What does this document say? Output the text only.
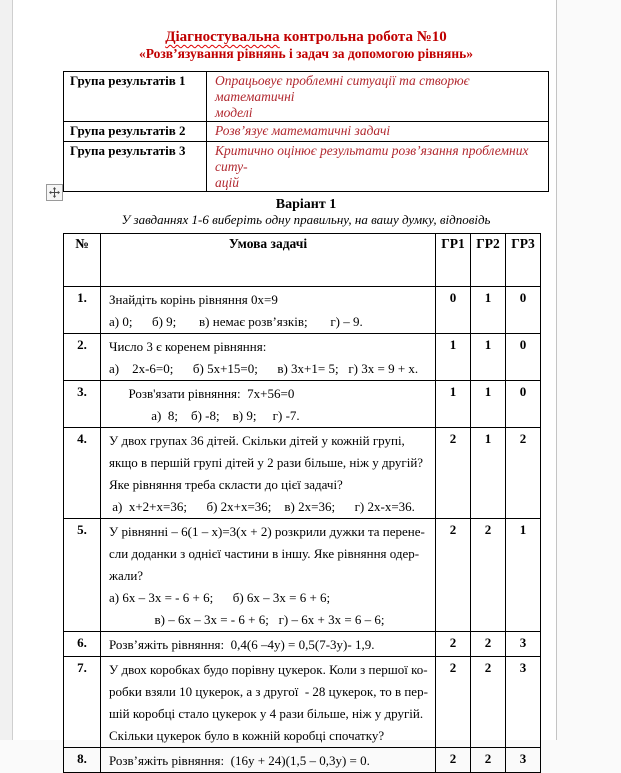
Діагностувальна контрольна робота №10
«Розв’язування рівнянь і задач за допомогою рівнянь»
Група результатів 1	Опрацьовує проблемні ситуації та створює математичні
моделі

Група результатів 2	Розв’язує математичні задачі

Група результатів 3	Критично оцінює результати розв’язання проблемних ситу-
ацій
Варіант 1
У завданнях 1-6 виберіть одну правильну, на вашу думку, відповідь
№	Умова задачі	ГР1	ГР2	ГР3
1.	Знайдіть корінь рівняння 0х=9
а) 0;      б) 9;       в) немає розв’язків;       г) – 9.	0	1	0
2.	Число 3 є коренем рівняння:
а)    2х-6=0;      б) 5х+15=0;      в) 3х+1= 5;   г) 3х = 9 + х.	1	1	0
3.	Розв'язати рівняння:  7х+56=0
а)  8;    б) -8;    в) 9;     г) -7.	1	1	0
4.	У двох групах 36 дітей. Скільки дітей у кожній групі,
якщо в першій групі дітей у 2 рази більше, ніж у другій?
Яке рівняння треба скласти до цієї задачі?
а)  х+2+х=36;      б) 2х+х=36;    в) 2х=36;      г) 2х-х=36.	2	1	2
5.	У рівнянні – 6(1 – х)=3(х + 2) розкрили дужки та перене-
сли доданки з однієї частини в іншу. Яке рівняння одер-
жали?
а) 6х – 3х = - 6 + 6;      б) 6х – 3х = 6 + 6;
в) – 6х – 3х = - 6 + 6;   г) – 6х + 3х = 6 – 6;	2	2	1
6.	Розв’яжіть рівняння:  0,4(6 –4у) = 0,5(7-3у)- 1,9.	2	2	3
7.	У двох коробках будо порівну цукерок. Коли з першої ко-
робки взяли 10 цукерок, а з другої  - 28 цукерок, то в пер-
шій коробці стало цукерок у 4 рази більше, ніж у другій.
Скільки цукерок було в кожній коробці спочатку?	2	2	3
8.	Розв’яжіть рівняння:  (16у + 24)(1,5 – 0,3у) = 0.	2	2	3
